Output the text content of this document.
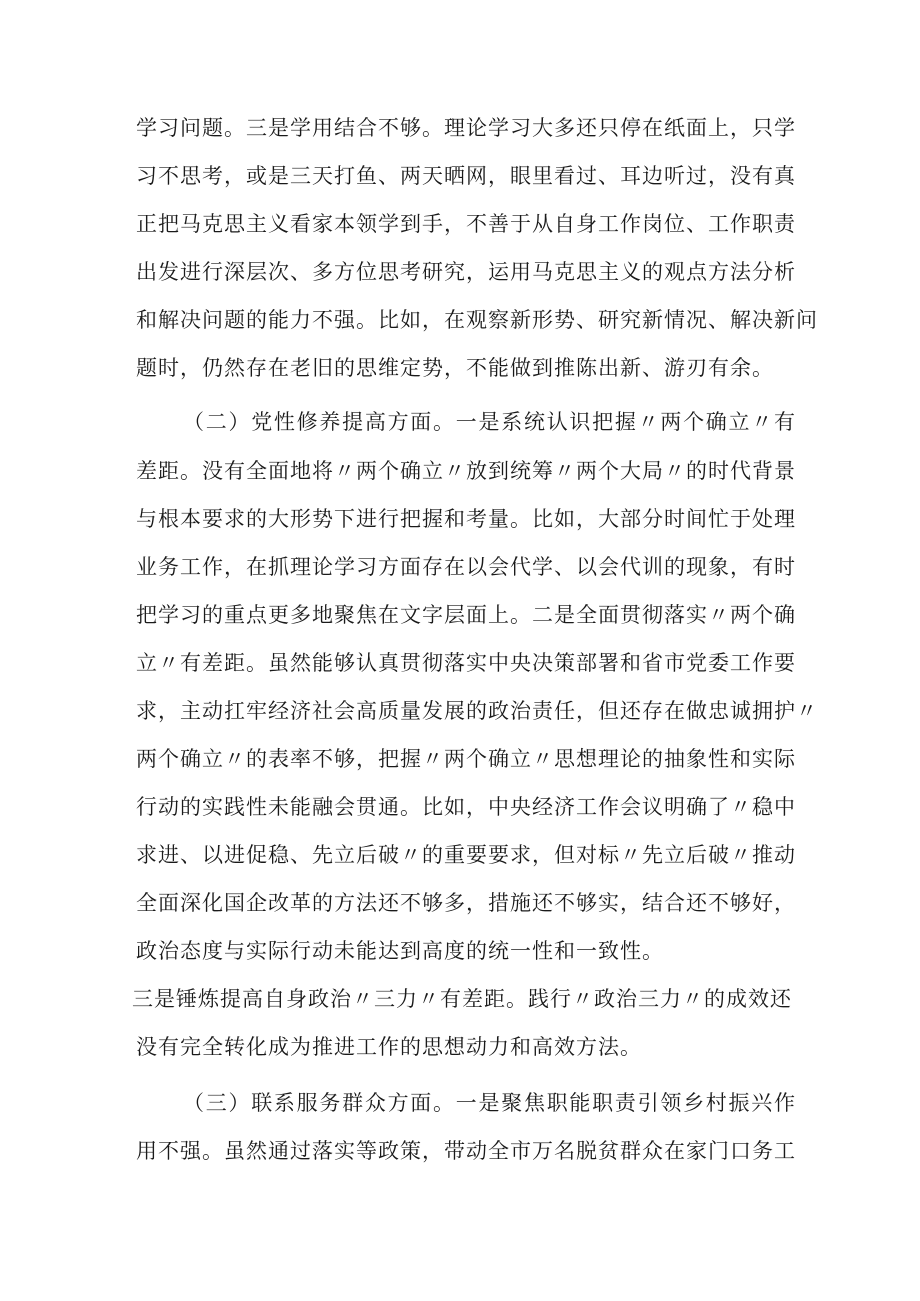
学习问题。三是学用结合不够。理论学习大多还只停在纸面上，只学
习不思考，或是三天打鱼、两天晒网，眼里看过、耳边听过，没有真
正把马克思主义看家本领学到手，不善于从自身工作岗位、工作职责
出发进行深层次、多方位思考研究，运用马克思主义的观点方法分析
和解决问题的能力不强。比如，在观察新形势、研究新情况、解决新问
题时，仍然存在老旧的思维定势，不能做到推陈出新、游刃有余。
（二）党性修养提高方面。一是系统认识把握〃两个确立〃有
差距。没有全面地将〃两个确立〃放到统筹〃两个大局〃的时代背景
与根本要求的大形势下进行把握和考量。比如，大部分时间忙于处理
业务工作，在抓理论学习方面存在以会代学、以会代训的现象，有时
把学习的重点更多地聚焦在文字层面上。二是全面贯彻落实〃两个确
立〃有差距。虽然能够认真贯彻落实中央决策部署和省市党委工作要
求，主动扛牢经济社会高质量发展的政治责任，但还存在做忠诚拥护〃
两个确立〃的表率不够，把握〃两个确立〃思想理论的抽象性和实际
行动的实践性未能融会贯通。比如，中央经济工作会议明确了〃稳中
求进、以进促稳、先立后破〃的重要要求，但对标〃先立后破〃推动
全面深化国企改革的方法还不够多，措施还不够实，结合还不够好，
政治态度与实际行动未能达到高度的统一性和一致性。
三是锤炼提高自身政治〃三力〃有差距。践行〃政治三力〃的成效还
没有完全转化成为推进工作的思想动力和高效方法。
（三）联系服务群众方面。一是聚焦职能职责引领乡村振兴作
用不强。虽然通过落实等政策，带动全市万名脱贫群众在家门口务工
